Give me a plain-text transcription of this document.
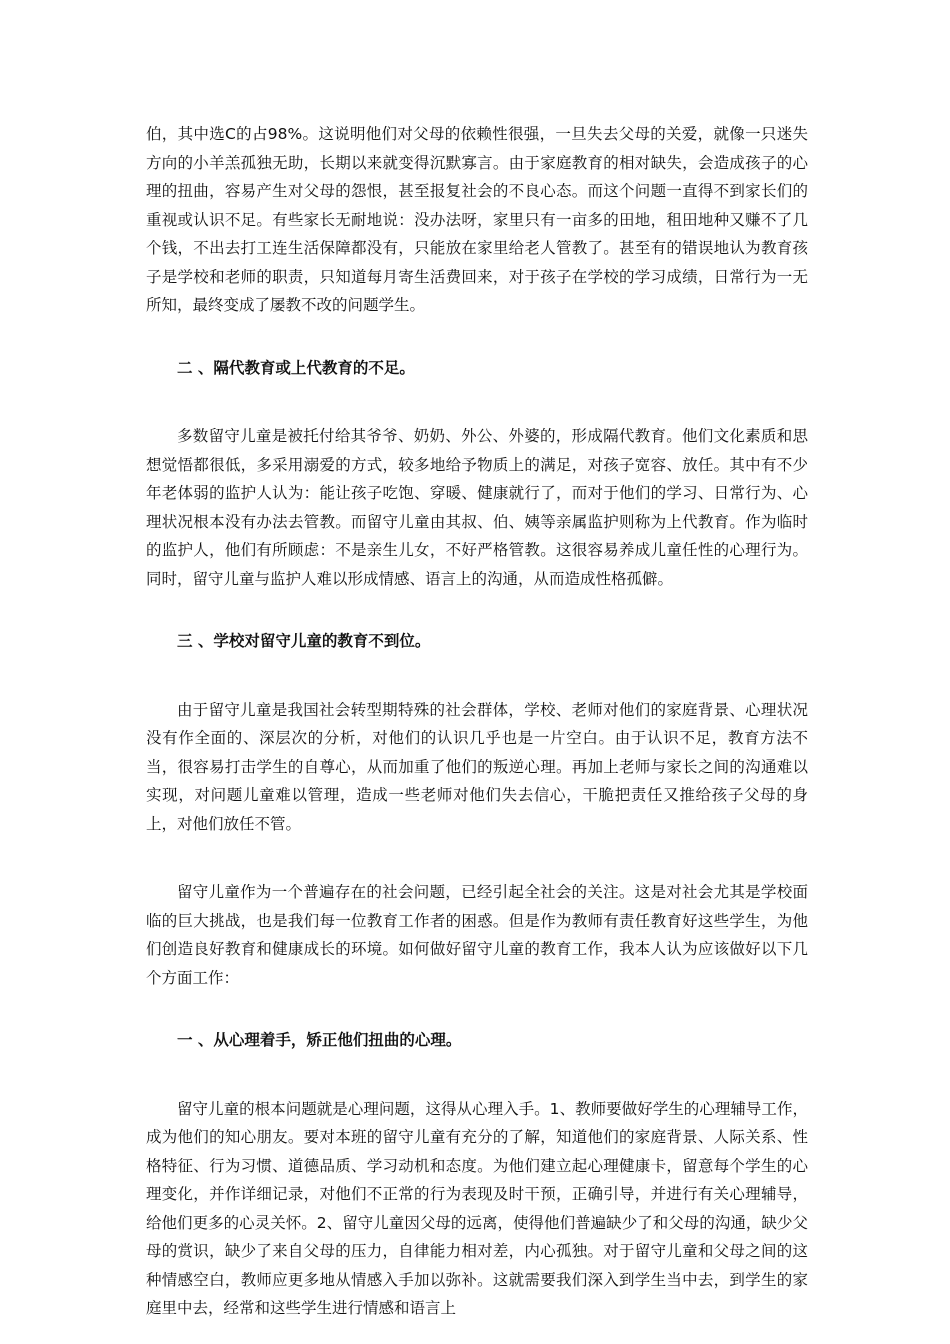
伯，其中选C的占98%。这说明他们对父母的依赖性很强，一旦失去父母的关爱，就像一只迷失方向的小羊羔孤独无助，长期以来就变得沉默寡言。由于家庭教育的相对缺失，会造成孩子的心理的扭曲，容易产生对父母的怨恨，甚至报复社会的不良心态。而这个问题一直得不到家长们的重视或认识不足。有些家长无耐地说：没办法呀，家里只有一亩多的田地，租田地种又赚不了几个钱，不出去打工连生活保障都没有，只能放在家里给老人管教了。甚至有的错误地认为教育孩子是学校和老师的职责，只知道每月寄生活费回来，对于孩子在学校的学习成绩，日常行为一无所知，最终变成了屡教不改的问题学生。

二 、隔代教育或上代教育的不足。

多数留守儿童是被托付给其爷爷、奶奶、外公、外婆的，形成隔代教育。他们文化素质和思想觉悟都很低，多采用溺爱的方式，较多地给予物质上的满足，对孩子宽容、放任。其中有不少年老体弱的监护人认为：能让孩子吃饱、穿暖、健康就行了，而对于他们的学习、日常行为、心理状况根本没有办法去管教。而留守儿童由其叔、伯、姨等亲属监护则称为上代教育。作为临时的监护人，他们有所顾虑：不是亲生儿女，不好严格管教。这很容易养成儿童任性的心理行为。同时，留守儿童与监护人难以形成情感、语言上的沟通，从而造成性格孤僻。

三 、学校对留守儿童的教育不到位。

由于留守儿童是我国社会转型期特殊的社会群体，学校、老师对他们的家庭背景、心理状况没有作全面的、深层次的分析，对他们的认识几乎也是一片空白。由于认识不足，教育方法不当，很容易打击学生的自尊心，从而加重了他们的叛逆心理。再加上老师与家长之间的沟通难以实现，对问题儿童难以管理，造成一些老师对他们失去信心，干脆把责任又推给孩子父母的身上，对他们放任不管。

留守儿童作为一个普遍存在的社会问题，已经引起全社会的关注。这是对社会尤其是学校面临的巨大挑战，也是我们每一位教育工作者的困惑。但是作为教师有责任教育好这些学生，为他们创造良好教育和健康成长的环境。如何做好留守儿童的教育工作，我本人认为应该做好以下几个方面工作：

一 、从心理着手，矫正他们扭曲的心理。

留守儿童的根本问题就是心理问题，这得从心理入手。1、教师要做好学生的心理辅导工作，成为他们的知心朋友。要对本班的留守儿童有充分的了解，知道他们的家庭背景、人际关系、性格特征、行为习惯、道德品质、学习动机和态度。为他们建立起心理健康卡，留意每个学生的心理变化，并作详细记录，对他们不正常的行为表现及时干预，正确引导，并进行有关心理辅导，给他们更多的心灵关怀。2、留守儿童因父母的远离，使得他们普遍缺少了和父母的沟通，缺少父母的赏识，缺少了来自父母的压力，自律能力相对差，内心孤独。对于留守儿童和父母之间的这种情感空白，教师应更多地从情感入手加以弥补。这就需要我们深入到学生当中去，到学生的家庭里中去，经常和这些学生进行情感和语言上
